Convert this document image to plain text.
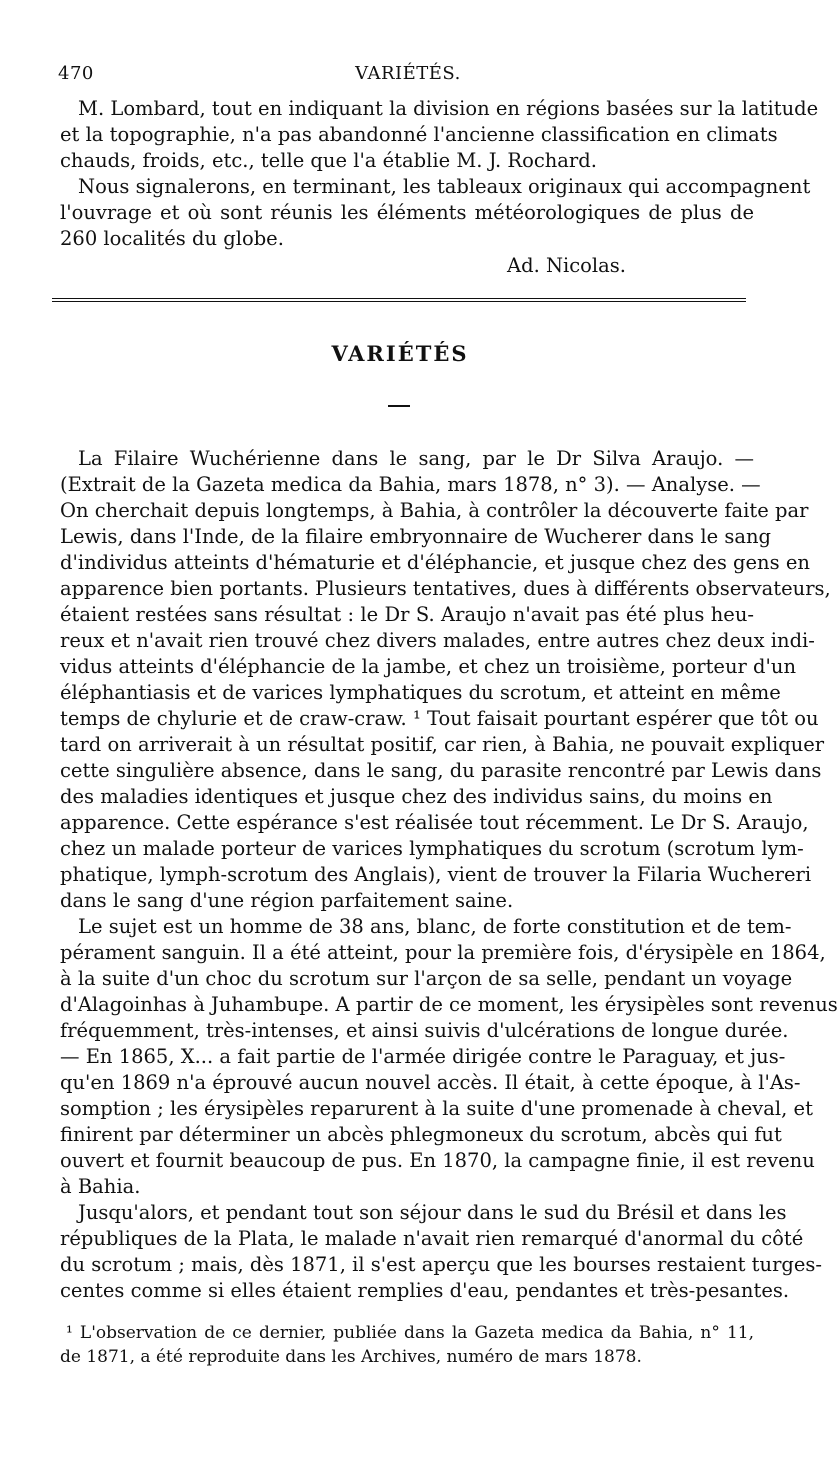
470	VARIÉTÉS.
M. Lombard, tout en indiquant la division en régions basées sur la latitude
et la topographie, n'a pas abandonné l'ancienne classification en climats
chauds, froids, etc., telle que l'a établie M. J. Rochard.
Nous signalerons, en terminant, les tableaux originaux qui accompagnent
l'ouvrage et où sont réunis les éléments météorologiques de plus de
260 localités du globe.
Ad. Nicolas.
VARIÉTÉS
La Filaire Wuchérienne dans le sang, par le Dr Silva Araujo. —
(Extrait de la Gazeta medica da Bahia, mars 1878, n° 3). — Analyse. —
On cherchait depuis longtemps, à Bahia, à contrôler la découverte faite par
Lewis, dans l'Inde, de la filaire embryonnaire de Wucherer dans le sang
d'individus atteints d'hématurie et d'éléphancie, et jusque chez des gens en
apparence bien portants. Plusieurs tentatives, dues à différents observateurs,
étaient restées sans résultat : le Dr S. Araujo n'avait pas été plus heu-
reux et n'avait rien trouvé chez divers malades, entre autres chez deux indi-
vidus atteints d'éléphancie de la jambe, et chez un troisième, porteur d'un
éléphantiasis et de varices lymphatiques du scrotum, et atteint en même
temps de chylurie et de craw-craw. ¹ Tout faisait pourtant espérer que tôt ou
tard on arriverait à un résultat positif, car rien, à Bahia, ne pouvait expliquer
cette singulière absence, dans le sang, du parasite rencontré par Lewis dans
des maladies identiques et jusque chez des individus sains, du moins en
apparence. Cette espérance s'est réalisée tout récemment. Le Dr S. Araujo,
chez un malade porteur de varices lymphatiques du scrotum (scrotum lym-
phatique, lymph-scrotum des Anglais), vient de trouver la Filaria Wuchereri
dans le sang d'une région parfaitement saine.
Le sujet est un homme de 38 ans, blanc, de forte constitution et de tem-
pérament sanguin. Il a été atteint, pour la première fois, d'érysipèle en 1864,
à la suite d'un choc du scrotum sur l'arçon de sa selle, pendant un voyage
d'Alagoinhas à Juhambupe. A partir de ce moment, les érysipèles sont revenus
fréquemment, très-intenses, et ainsi suivis d'ulcérations de longue durée.
— En 1865, X... a fait partie de l'armée dirigée contre le Paraguay, et jus-
qu'en 1869 n'a éprouvé aucun nouvel accès. Il était, à cette époque, à l'As-
somption ; les érysipèles reparurent à la suite d'une promenade à cheval, et
finirent par déterminer un abcès phlegmoneux du scrotum, abcès qui fut
ouvert et fournit beaucoup de pus. En 1870, la campagne finie, il est revenu
à Bahia.
Jusqu'alors, et pendant tout son séjour dans le sud du Brésil et dans les
républiques de la Plata, le malade n'avait rien remarqué d'anormal du côté
du scrotum ; mais, dès 1871, il s'est aperçu que les bourses restaient turges-
centes comme si elles étaient remplies d'eau, pendantes et très-pesantes.
¹ L'observation de ce dernier, publiée dans la Gazeta medica da Bahia, n° 11,
de 1871, a été reproduite dans les Archives, numéro de mars 1878.
